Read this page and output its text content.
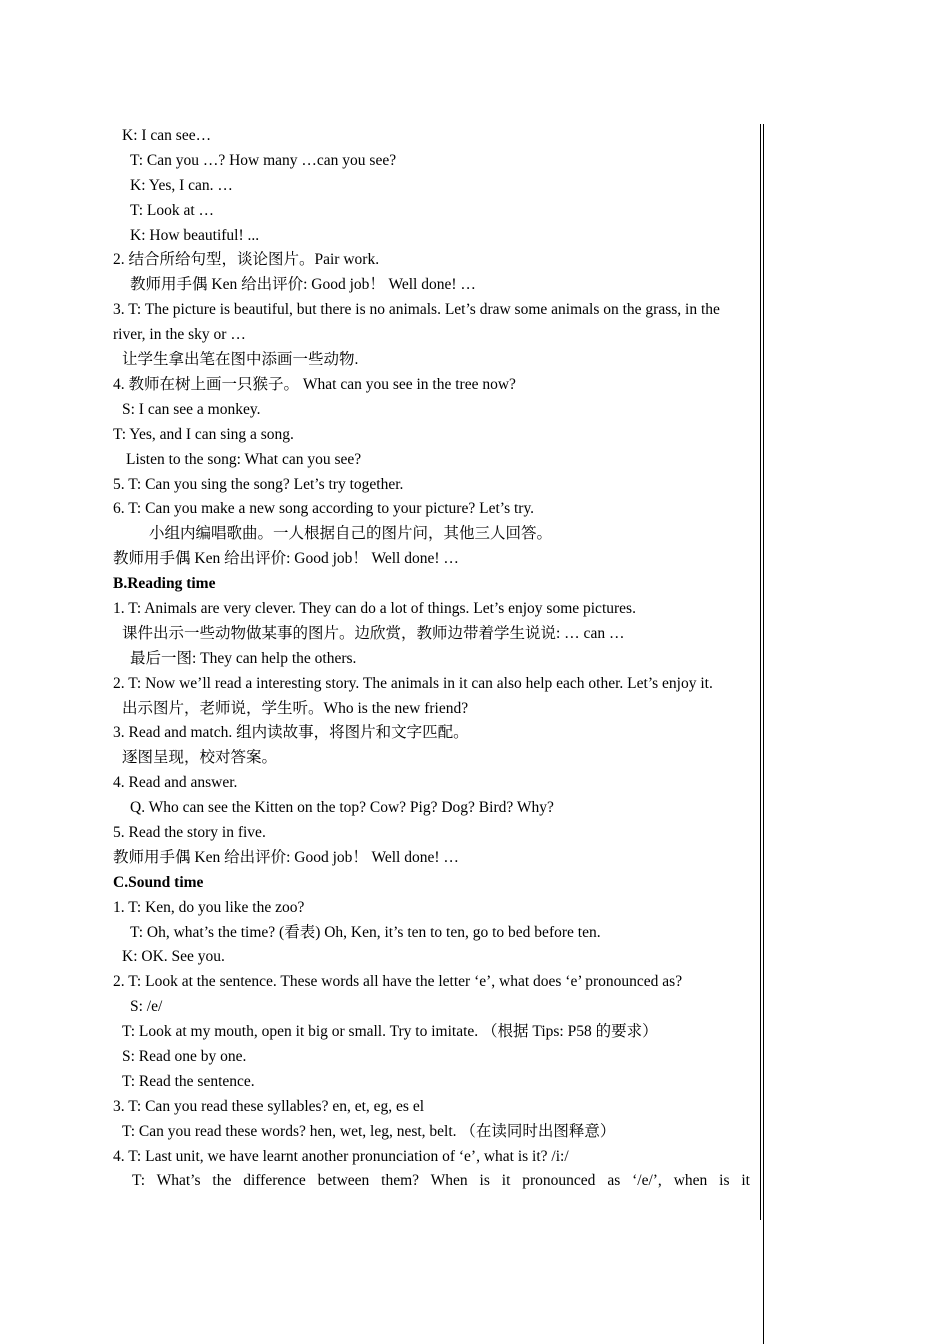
K: I can see…
T: Can you …? How many …can you see?
K: Yes, I can. …
T: Look at …
K: How beautiful! ...
2. 结合所给句型，谈论图片。Pair work.
教师用手偶 Ken 给出评价: Good job！ Well done! …
3. T: The picture is beautiful, but there is no animals. Let’s draw some animals on the grass, in the river, in the sky or …
让学生拿出笔在图中添画一些动物.
4. 教师在树上画一只猴子。 What can you see in the tree now?
S: I can see a monkey.
T: Yes, and I can sing a song.
Listen to the song: What can you see?
5. T: Can you sing the song? Let’s try together.
6. T: Can you make a new song according to your picture? Let’s try.
小组内编唱歌曲。一人根据自己的图片问，其他三人回答。
教师用手偶 Ken 给出评价: Good job！ Well done! …
B.Reading time
1. T: Animals are very clever. They can do a lot of things. Let’s enjoy some pictures.
课件出示一些动物做某事的图片。边欣赏，教师边带着学生说说: … can …
最后一图: They can help the others.
2. T: Now we’ll read a interesting story. The animals in it can also help each other. Let’s enjoy it.
出示图片，老师说，学生听。Who is the new friend?
3. Read and match. 组内读故事，将图片和文字匹配。
逐图呈现，校对答案。
4. Read and answer.
Q. Who can see the Kitten on the top? Cow? Pig? Dog? Bird? Why?
5. Read the story in five.
教师用手偶 Ken 给出评价: Good job！ Well done! …
C.Sound time
1. T: Ken, do you like the zoo?
T: Oh, what’s the time? (看表) Oh, Ken, it’s ten to ten, go to bed before ten.
K: OK. See you.
2. T: Look at the sentence. These words all have the letter ‘e’, what does ‘e’ pronounced as?
S: /e/
T: Look at my mouth, open it big or small. Try to imitate. （根据 Tips: P58 的要求）
S: Read one by one.
T: Read the sentence.
3. T: Can you read these syllables? en, et, eg, es el
T: Can you read these words? hen, wet, leg, nest, belt. （在读同时出图释意）
4. T: Last unit, we have learnt another pronunciation of ‘e’, what is it? /i:/
T: What’s the difference between them? When is it pronounced as ‘/e/’, when is it
